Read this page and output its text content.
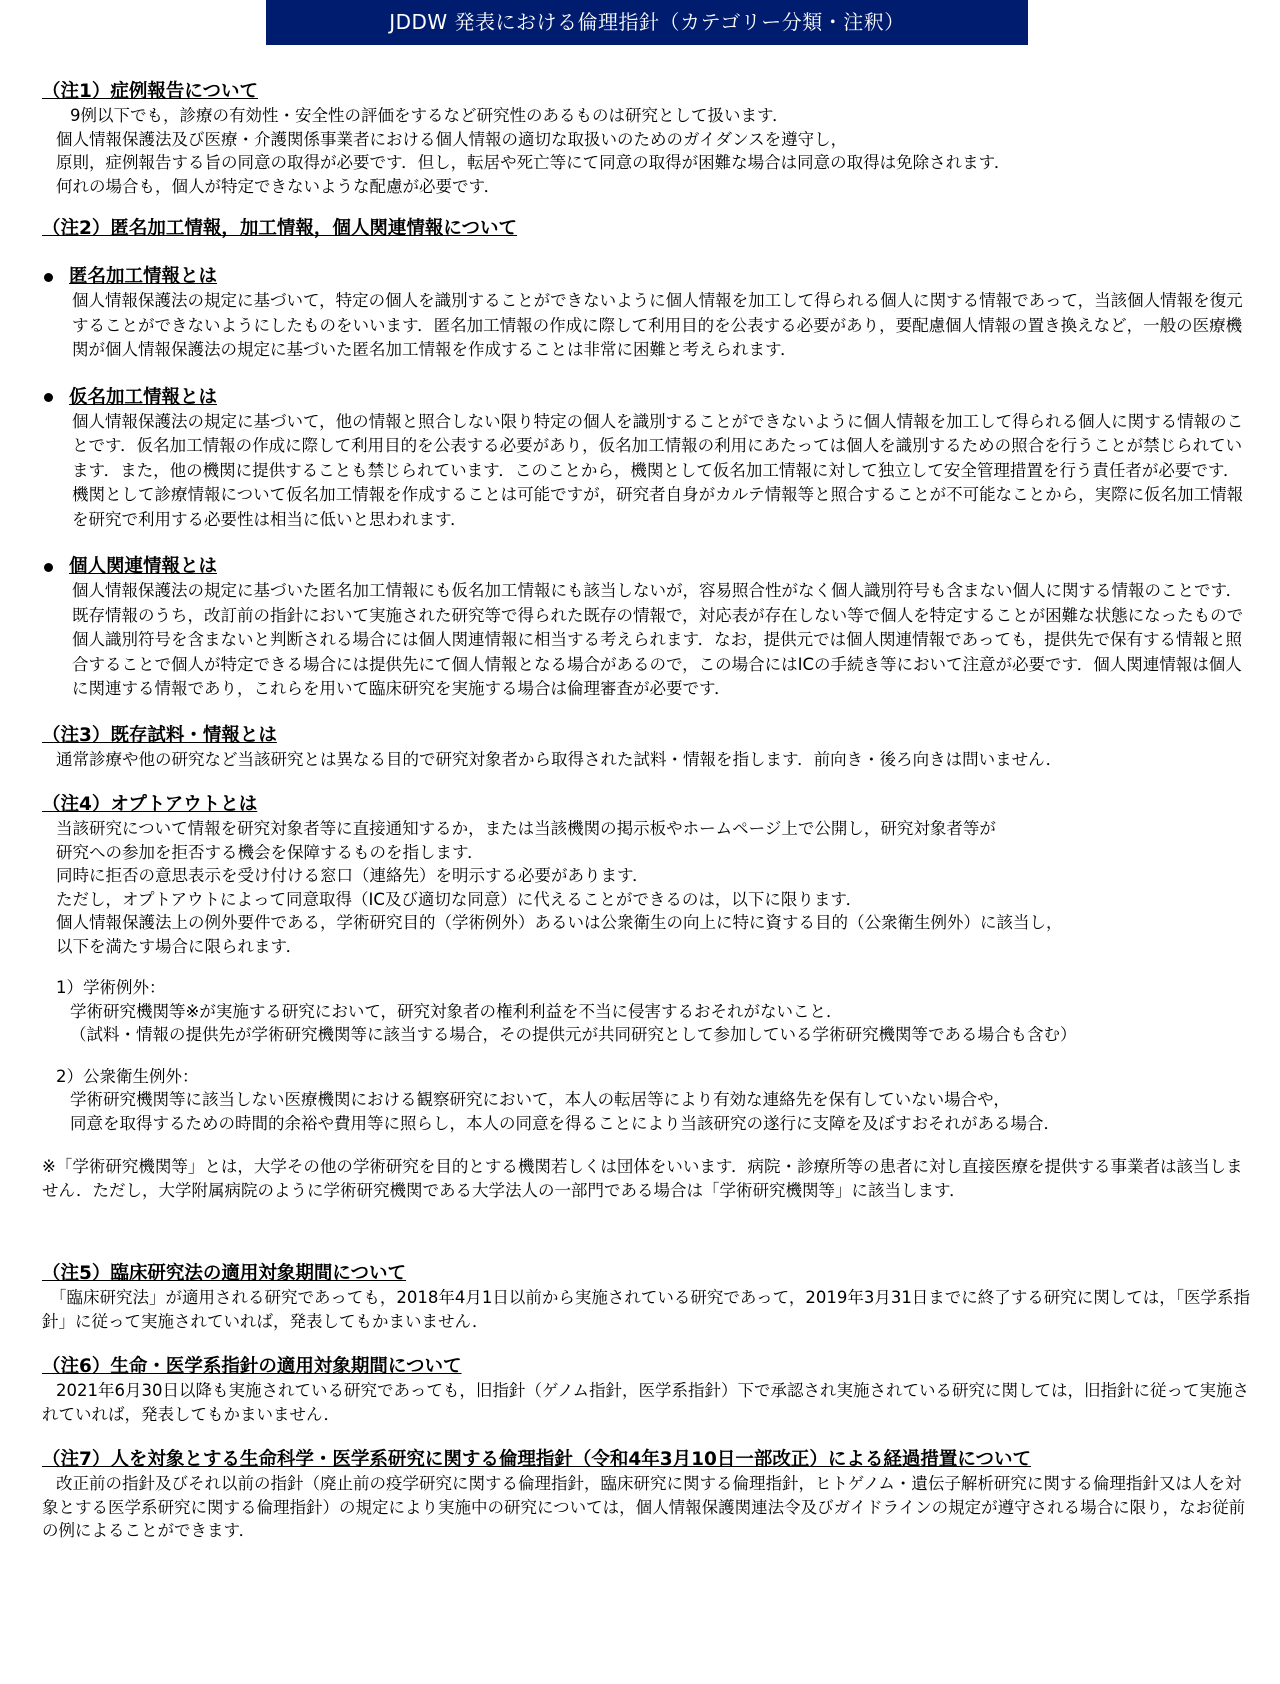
JDDW 発表における倫理指針（カテゴリー分類・注釈）

（注1）症例報告について

9例以下でも，診療の有効性・安全性の評価をするなど研究性のあるものは研究として扱います．

個人情報保護法及び医療・介護関係事業者における個人情報の適切な取扱いのためのガイダンスを遵守し，

原則，症例報告する旨の同意の取得が必要です．但し，転居や死亡等にて同意の取得が困難な場合は同意の取得は免除されます．

何れの場合も，個人が特定できないような配慮が必要です．

（注2）匿名加工情報，加工情報，個人関連情報について

匿名加工情報とは

個人情報保護法の規定に基づいて，特定の個人を識別することができないように個人情報を加工して得られる個人に関する情報であって，当該個人情報を復元することができないようにしたものをいいます．匿名加工情報の作成に際して利用目的を公表する必要があり，要配慮個人情報の置き換えなど，一般の医療機関が個人情報保護法の規定に基づいた匿名加工情報を作成することは非常に困難と考えられます．

仮名加工情報とは

個人情報保護法の規定に基づいて，他の情報と照合しない限り特定の個人を識別することができないように個人情報を加工して得られる個人に関する情報のことです．仮名加工情報の作成に際して利用目的を公表する必要があり，仮名加工情報の利用にあたっては個人を識別するための照合を行うことが禁じられています．また，他の機関に提供することも禁じられています．このことから，機関として仮名加工情報に対して独立して安全管理措置を行う責任者が必要です．機関として診療情報について仮名加工情報を作成することは可能ですが，研究者自身がカルテ情報等と照合することが不可能なことから，実際に仮名加工情報を研究で利用する必要性は相当に低いと思われます．

個人関連情報とは

個人情報保護法の規定に基づいた匿名加工情報にも仮名加工情報にも該当しないが，容易照合性がなく個人識別符号も含まない個人に関する情報のことです．既存情報のうち，改訂前の指針において実施された研究等で得られた既存の情報で，対応表が存在しない等で個人を特定することが困難な状態になったもので個人識別符号を含まないと判断される場合には個人関連情報に相当する考えられます．なお，提供元では個人関連情報であっても，提供先で保有する情報と照合することで個人が特定できる場合には提供先にて個人情報となる場合があるので，この場合にはICの手続き等において注意が必要です．個人関連情報は個人に関連する情報であり，これらを用いて臨床研究を実施する場合は倫理審査が必要です．

（注3）既存試料・情報とは

通常診療や他の研究など当該研究とは異なる目的で研究対象者から取得された試料・情報を指します．前向き・後ろ向きは問いません．

（注4）オプトアウトとは

当該研究について情報を研究対象者等に直接通知するか，または当該機関の掲示板やホームページ上で公開し，研究対象者等が

研究への参加を拒否する機会を保障するものを指します．

同時に拒否の意思表示を受け付ける窓口（連絡先）を明示する必要があります．

ただし，オプトアウトによって同意取得（IC及び適切な同意）に代えることができるのは，以下に限ります．

個人情報保護法上の例外要件である，学術研究目的（学術例外）あるいは公衆衛生の向上に特に資する目的（公衆衛生例外）に該当し，

以下を満たす場合に限られます．

1）学術例外：

学術研究機関等※が実施する研究において，研究対象者の権利利益を不当に侵害するおそれがないこと．

（試料・情報の提供先が学術研究機関等に該当する場合，その提供元が共同研究として参加している学術研究機関等である場合も含む）

2）公衆衛生例外：

学術研究機関等に該当しない医療機関における観察研究において，本人の転居等により有効な連絡先を保有していない場合や，

同意を取得するための時間的余裕や費用等に照らし，本人の同意を得ることにより当該研究の遂行に支障を及ぼすおそれがある場合．

※「学術研究機関等」とは，大学その他の学術研究を目的とする機関若しくは団体をいいます．病院・診療所等の患者に対し直接医療を提供する事業者は該当しません．ただし，大学附属病院のように学術研究機関である大学法人の一部門である場合は「学術研究機関等」に該当します．

（注5）臨床研究法の適用対象期間について

「臨床研究法」が適用される研究であっても，2018年4月1日以前から実施されている研究であって，2019年3月31日までに終了する研究に関しては，「医学系指針」に従って実施されていれば，発表してもかまいません．

（注6）生命・医学系指針の適用対象期間について

2021年6月30日以降も実施されている研究であっても，旧指針（ゲノム指針，医学系指針）下で承認され実施されている研究に関しては，旧指針に従って実施されていれば，発表してもかまいません．

（注7）人を対象とする生命科学・医学系研究に関する倫理指針（令和4年3月10日一部改正）による経過措置について

改正前の指針及びそれ以前の指針（廃止前の疫学研究に関する倫理指針，臨床研究に関する倫理指針，ヒトゲノム・遺伝子解析研究に関する倫理指針又は人を対象とする医学系研究に関する倫理指針）の規定により実施中の研究については，個人情報保護関連法令及びガイドラインの規定が遵守される場合に限り，なお従前の例によることができます．
